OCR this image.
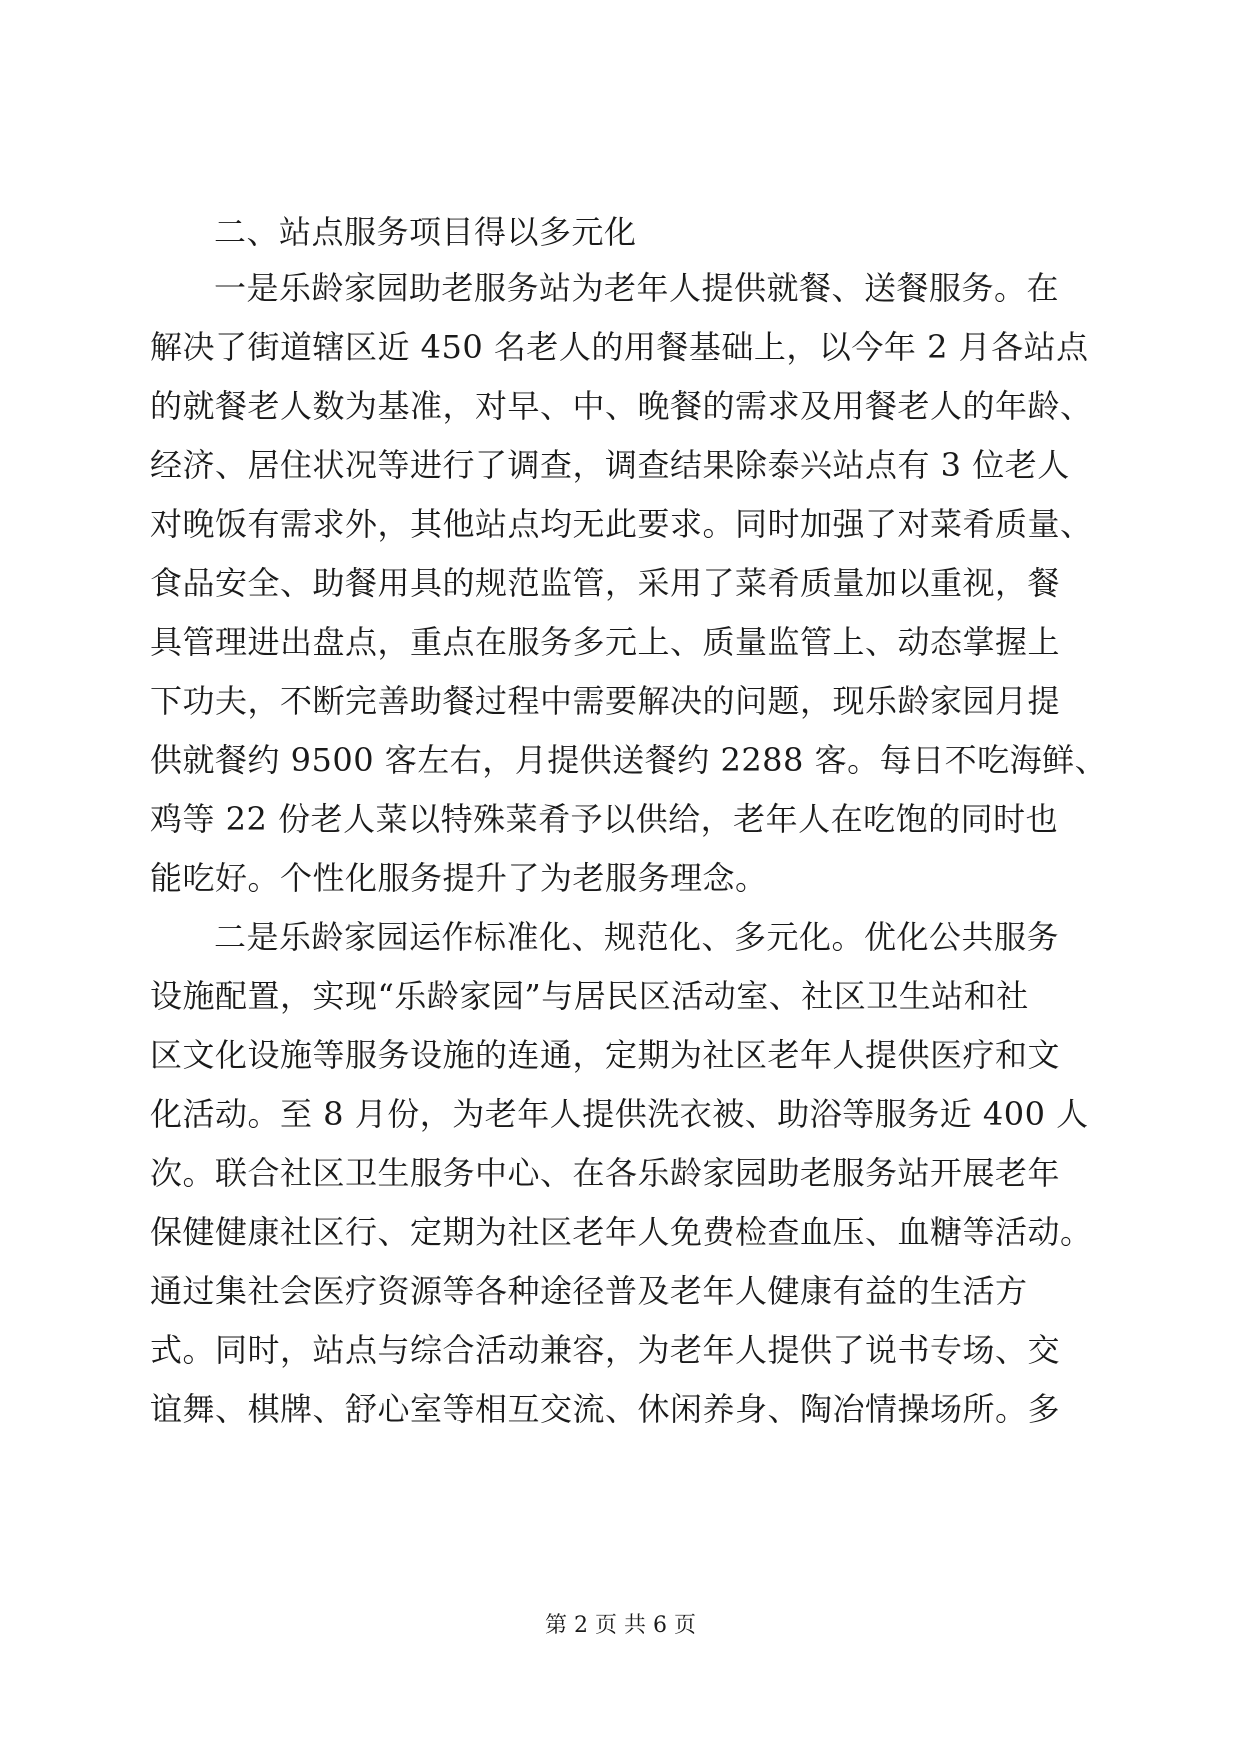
二、站点服务项目得以多元化
一是乐龄家园助老服务站为老年人提供就餐、送餐服务。在
解决了街道辖区近 450 名老人的用餐基础上，以今年 2 月各站点
的就餐老人数为基准，对早、中、晚餐的需求及用餐老人的年龄、
经济、居住状况等进行了调查，调查结果除泰兴站点有 3 位老人
对晚饭有需求外，其他站点均无此要求。同时加强了对菜肴质量、
食品安全、助餐用具的规范监管，采用了菜肴质量加以重视，餐
具管理进出盘点，重点在服务多元上、质量监管上、动态掌握上
下功夫，不断完善助餐过程中需要解决的问题，现乐龄家园月提
供就餐约 9500 客左右，月提供送餐约 2288 客。每日不吃海鲜、
鸡等 22 份老人菜以特殊菜肴予以供给，老年人在吃饱的同时也
能吃好。个性化服务提升了为老服务理念。
二是乐龄家园运作标准化、规范化、多元化。优化公共服务
设施配置，实现“乐龄家园”与居民区活动室、社区卫生站和社
区文化设施等服务设施的连通，定期为社区老年人提供医疗和文
化活动。至 8 月份，为老年人提供洗衣被、助浴等服务近 400 人
次。联合社区卫生服务中心、在各乐龄家园助老服务站开展老年
保健健康社区行、定期为社区老年人免费检查血压、血糖等活动。
通过集社会医疗资源等各种途径普及老年人健康有益的生活方
式。同时，站点与综合活动兼容，为老年人提供了说书专场、交
谊舞、棋牌、舒心室等相互交流、休闲养身、陶冶情操场所。多
第 2 页 共 6 页
